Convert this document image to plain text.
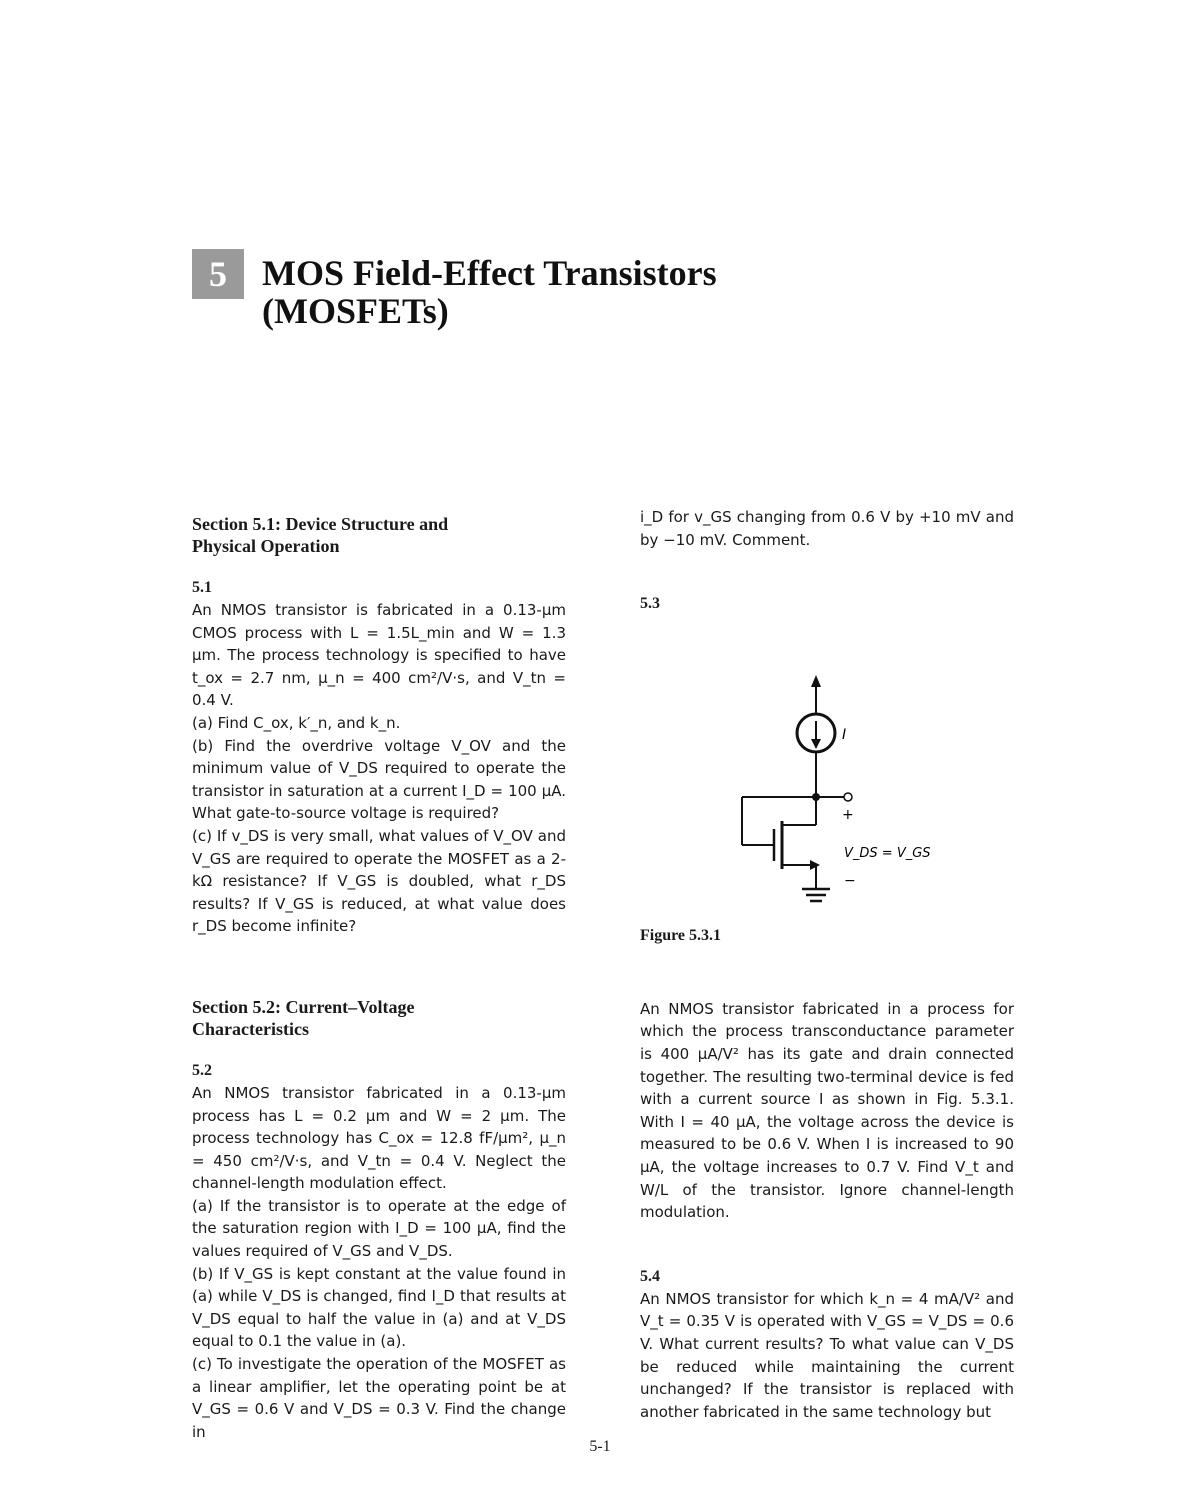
5 MOS Field-Effect Transistors
(MOSFETs)
Section 5.1: Device Structure and
Physical Operation
5.1

An NMOS transistor is fabricated in a 0.13-μm CMOS process with L = 1.5L_min and W = 1.3 μm. The process technology is specified to have t_ox = 2.7 nm, μ_n = 400 cm²/V·s, and V_tn = 0.4 V.

(a) Find C_ox, k′_n, and k_n.

(b) Find the overdrive voltage V_OV and the minimum value of V_DS required to operate the transistor in saturation at a current I_D = 100 μA. What gate-to-source voltage is required?

(c) If v_DS is very small, what values of V_OV and V_GS are required to operate the MOSFET as a 2-kΩ resistance? If V_GS is doubled, what r_DS results? If V_GS is reduced, at what value does r_DS become infinite?

Section 5.2: Current–Voltage
Characteristics
5.2

An NMOS transistor fabricated in a 0.13-μm process has L = 0.2 μm and W = 2 μm. The process technology has C_ox = 12.8 fF/μm², μ_n = 450 cm²/V·s, and V_tn = 0.4 V. Neglect the channel-length modulation effect.

(a) If the transistor is to operate at the edge of the saturation region with I_D = 100 μA, find the values required of V_GS and V_DS.

(b) If V_GS is kept constant at the value found in (a) while V_DS is changed, find I_D that results at V_DS equal to half the value in (a) and at V_DS equal to 0.1 the value in (a).

(c) To investigate the operation of the MOSFET as a linear amplifier, let the operating point be at V_GS = 0.6 V and V_DS = 0.3 V. Find the change in

i_D for v_GS changing from 0.6 V by +10 mV and by −10 mV. Comment.

5.3
I
+
V_DS = V_GS
−
Figure 5.3.1

An NMOS transistor fabricated in a process for which the process transconductance parameter is 400 μA/V² has its gate and drain connected together. The resulting two-terminal device is fed with a current source I as shown in Fig. 5.3.1. With I = 40 μA, the voltage across the device is measured to be 0.6 V. When I is increased to 90 μA, the voltage increases to 0.7 V. Find V_t and W/L of the transistor. Ignore channel-length modulation.

5.4

An NMOS transistor for which k_n = 4 mA/V² and V_t = 0.35 V is operated with V_GS = V_DS = 0.6 V. What current results? To what value can V_DS be reduced while maintaining the current unchanged? If the transistor is replaced with another fabricated in the same technology but

5-1
